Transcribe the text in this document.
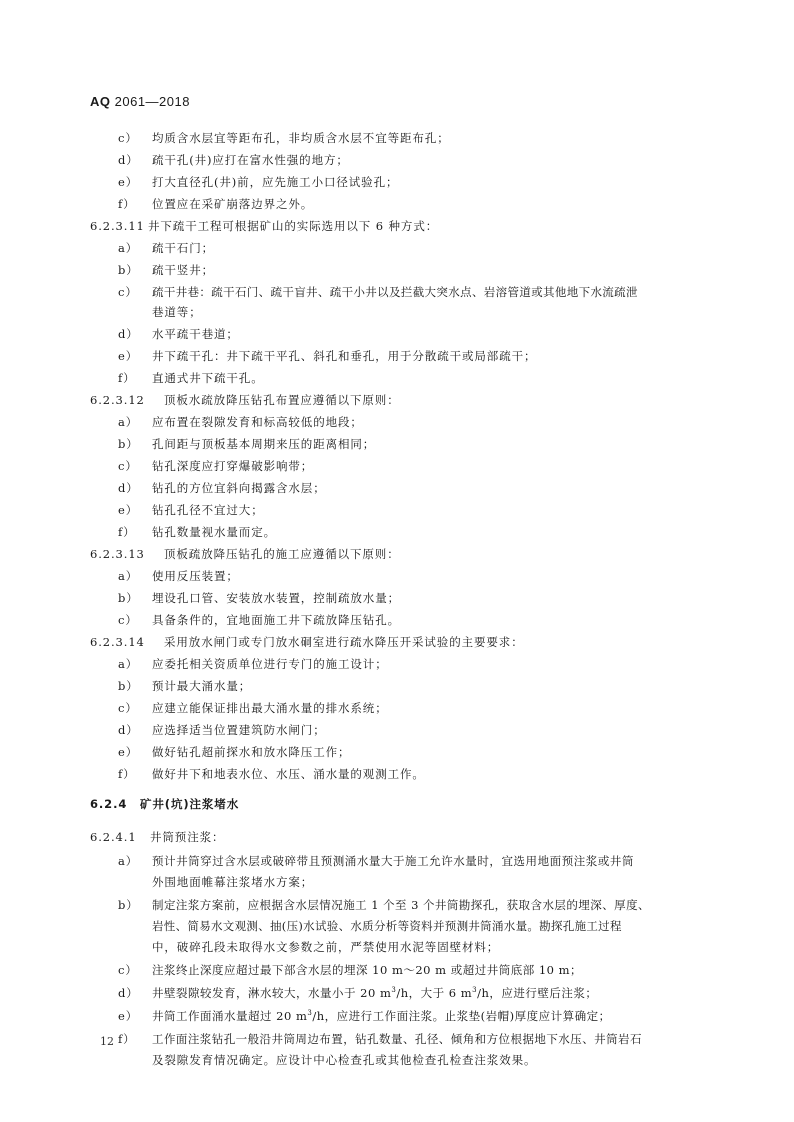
AQ 2061—2018
c）	均质含水层宜等距布孔，非均质含水层不宜等距布孔；
d）	疏干孔(井)应打在富水性强的地方；
e）	打大直径孔(井)前，应先施工小口径试验孔；
f）	位置应在采矿崩落边界之外。
6.2.3.11 井下疏干工程可根据矿山的实际选用以下 6 种方式：
a）	疏干石门；
b）	疏干竖井；
c）	疏干井巷：疏干石门、疏干盲井、疏干小井以及拦截大突水点、岩溶管道或其他地下水流疏泄
巷道等；
d）	水平疏干巷道；
e）	井下疏干孔：井下疏干平孔、斜孔和垂孔，用于分散疏干或局部疏干；
f）	直通式井下疏干孔。
6.2.3.12 顶板水疏放降压钻孔布置应遵循以下原则：
a）	应布置在裂隙发育和标高较低的地段；
b）	孔间距与顶板基本周期来压的距离相同；
c）	钻孔深度应打穿爆破影响带；
d）	钻孔的方位宜斜向揭露含水层；
e）	钻孔孔径不宜过大；
f）	钻孔数量视水量而定。
6.2.3.13 顶板疏放降压钻孔的施工应遵循以下原则：
a）	使用反压装置；
b）	埋设孔口管、安装放水装置，控制疏放水量；
c）	具备条件的，宜地面施工井下疏放降压钻孔。
6.2.3.14 采用放水闸门或专门放水硐室进行疏水降压开采试验的主要要求：
a）	应委托相关资质单位进行专门的施工设计；
b）	预计最大涌水量；
c）	应建立能保证排出最大涌水量的排水系统；
d）	应选择适当位置建筑防水闸门；
e）	做好钻孔超前探水和放水降压工作；
f）	做好井下和地表水位、水压、涌水量的观测工作。
6.2.4 矿井(坑)注浆堵水
6.2.4.1 井筒预注浆：
a）	预计井筒穿过含水层或破碎带且预测涌水量大于施工允许水量时，宜选用地面预注浆或井筒
外围地面帷幕注浆堵水方案；
b）	制定注浆方案前，应根据含水层情况施工 1 个至 3 个井筒勘探孔，获取含水层的埋深、厚度、
岩性、简易水文观测、抽(压)水试验、水质分析等资料并预测井筒涌水量。勘探孔施工过程
中，破碎孔段未取得水文参数之前，严禁使用水泥等固壁材料；
c）	注浆终止深度应超过最下部含水层的埋深 10 m～20 m 或超过井筒底部 10 m；
d）	井壁裂隙较发育，淋水较大，水量小于 20 $m^3/h$，大于 6 $m^3/h$，应进行壁后注浆；
e）	井筒工作面涌水量超过 20 $m^3/h$，应进行工作面注浆。止浆垫(岩帽)厚度应计算确定；
f）	工作面注浆钻孔一般沿井筒周边布置，钻孔数量、孔径、倾角和方位根据地下水压、井筒岩石
及裂隙发育情况确定。应设计中心检查孔或其他检查孔检查注浆效果。
12
